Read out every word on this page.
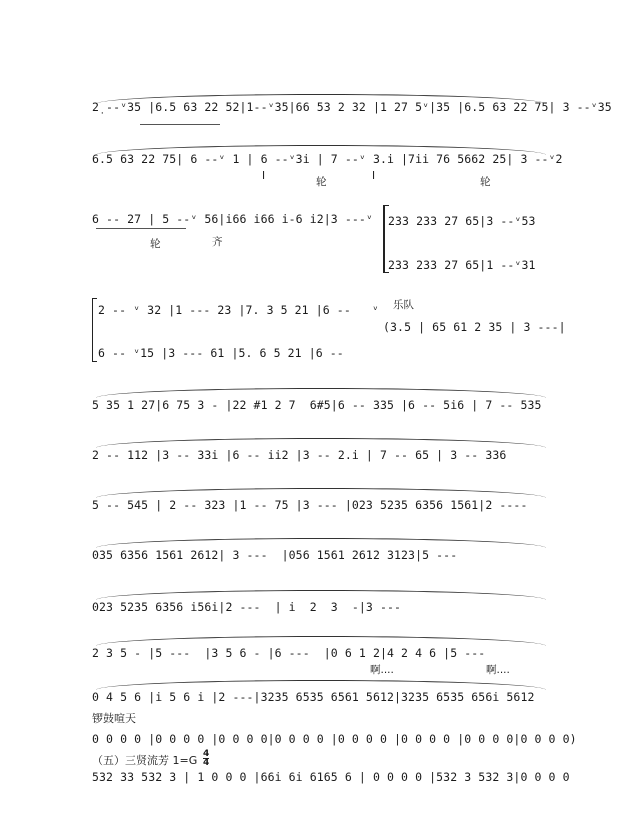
2̣ --ᵛ35 |6.5 63 22 52|1--ᵛ35|66 53 2 32 |1 27 5ᵛ|35 |6.5 63 22 75| 3 --ᵛ35
6.5 63 22 75| 6 --ᵛ 1 | 6 --ᵛ3i | 7 --ᵛ 3.i |7ii 76 5662 25| 3 --ᵛ2
I	轮	I	轮
6 -- 27 | 5 --ᵛ 56|i66 i66 i-6 i2|3 ---ᵛ
轮	齐
233 233 27 65|3 --ᵛ53
233 233 27 65|1 --ᵛ31
2 -- ᵛ 32 |1 --- 23 |7. 3 5 21 |6 --   ᵛ	乐队
(3.5 | 65 61 2 35 | 3 ---|
6 -- ᵛ15 |3 --- 61 |5. 6 5 21 |6 --
5 35 1 27|6 75 3 - |22 #1 2 7  6#5|6 -- 335 |6 -- 5i6 | 7 -- 535
2 -- 112 |3 -- 33i |6 -- ii2 |3 -- 2.i | 7 -- 65 | 3 -- 336
5 -- 545 | 2 -- 323 |1 -- 75 |3 --- |023 5235 6356 1561|2 ----
035 6356 1561 2612| 3 ---  |056 1561 2612 3123|5 ---
023 5235 6356 i56i|2 ---  | i  2  3  -|3 ---
2 3 5 - |5 ---  |3 5 6 - |6 ---  |0 6 1 2|4 2 4 6 |5 ---
啊....	啊....
0 4 5 6 |i 5 6 i |2 ---|3235 6535 6561 5612|3235 6535 656i 5612
锣鼓喧天
0 0 0 0 |0 0 0 0 |0 0 0 0|0 0 0 0 |0 0 0 0 |0 0 0 0 |0 0 0 0|0 0 0 0)
（五）三贤流芳 1=G 4
4
532 33 532 3 | 1 0 0 0 |66i 6i 6165 6 | 0 0 0 0 |532 3 532 3|0 0 0 0
